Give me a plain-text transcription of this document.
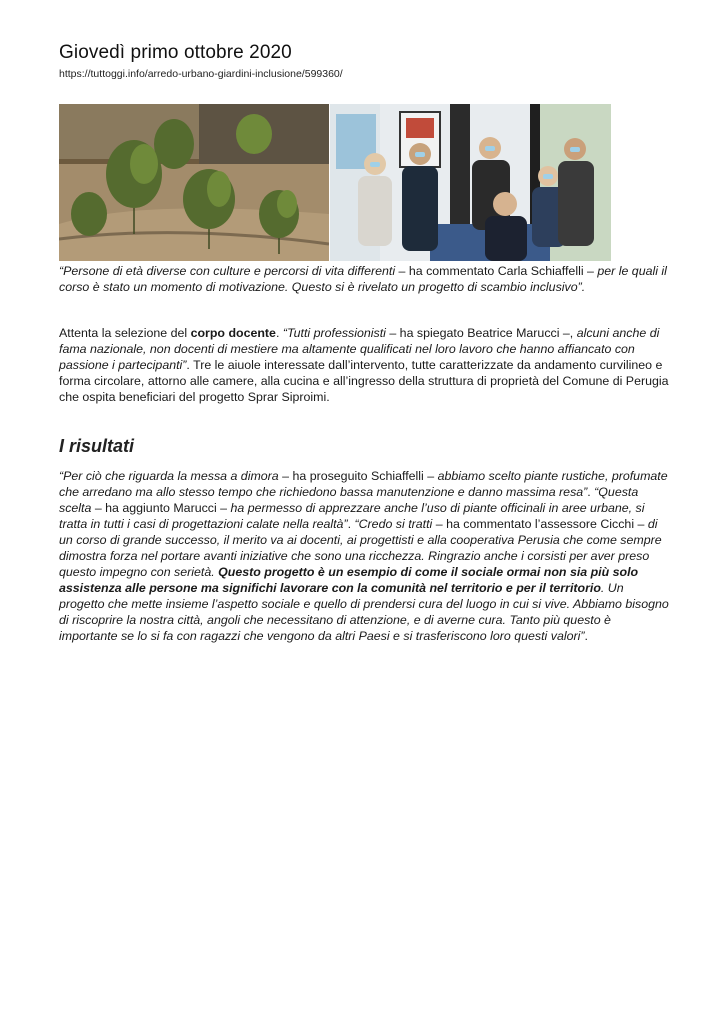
Giovedì primo ottobre 2020
https://tuttoggi.info/arredo-urbano-giardini-inclusione/599360/
“Persone di età diverse con culture e percorsi di vita differenti – ha commentato Carla Schiaffelli – per le quali il corso è stato un momento di motivazione. Questo si è rivelato un progetto di scambio inclusivo”.
Attenta la selezione del corpo docente. “Tutti professionisti – ha spiegato Beatrice Marucci –, alcuni anche di fama nazionale, non docenti di mestiere ma altamente qualificati nel loro lavoro che hanno affiancato con passione i partecipanti”. Tre le aiuole interessate dall’intervento, tutte caratterizzate da andamento curvilineo e forma circolare, attorno alle camere, alla cucina e all’ingresso della struttura di proprietà del Comune di Perugia che ospita beneficiari del progetto Sprar Siproimi.
I risultati
“Per ciò che riguarda la messa a dimora – ha proseguito Schiaffelli – abbiamo scelto piante rustiche, profumate che arredano ma allo stesso tempo che richiedono bassa manutenzione e danno massima resa”. “Questa scelta – ha aggiunto Marucci – ha permesso di apprezzare anche l’uso di piante officinali in aree urbane, si tratta in tutti i casi di progettazioni calate nella realtà”. “Credo si tratti – ha commentato l’assessore Cicchi – di un corso di grande successo, il merito va ai docenti, ai progettisti e alla cooperativa Perusia che come sempre dimostra forza nel portare avanti iniziative che sono una ricchezza. Ringrazio anche i corsisti per aver preso questo impegno con serietà. Questo progetto è un esempio di come il sociale ormai non sia più solo assistenza alle persone ma significhi lavorare con la comunità nel territorio e per il territorio. Un progetto che mette insieme l’aspetto sociale e quello di prendersi cura del luogo in cui si vive. Abbiamo bisogno di riscoprire la nostra città, angoli che necessitano di attenzione, e di averne cura. Tanto più questo è importante se lo si fa con ragazzi che vengono da altri Paesi e si trasferiscono loro questi valori”.
